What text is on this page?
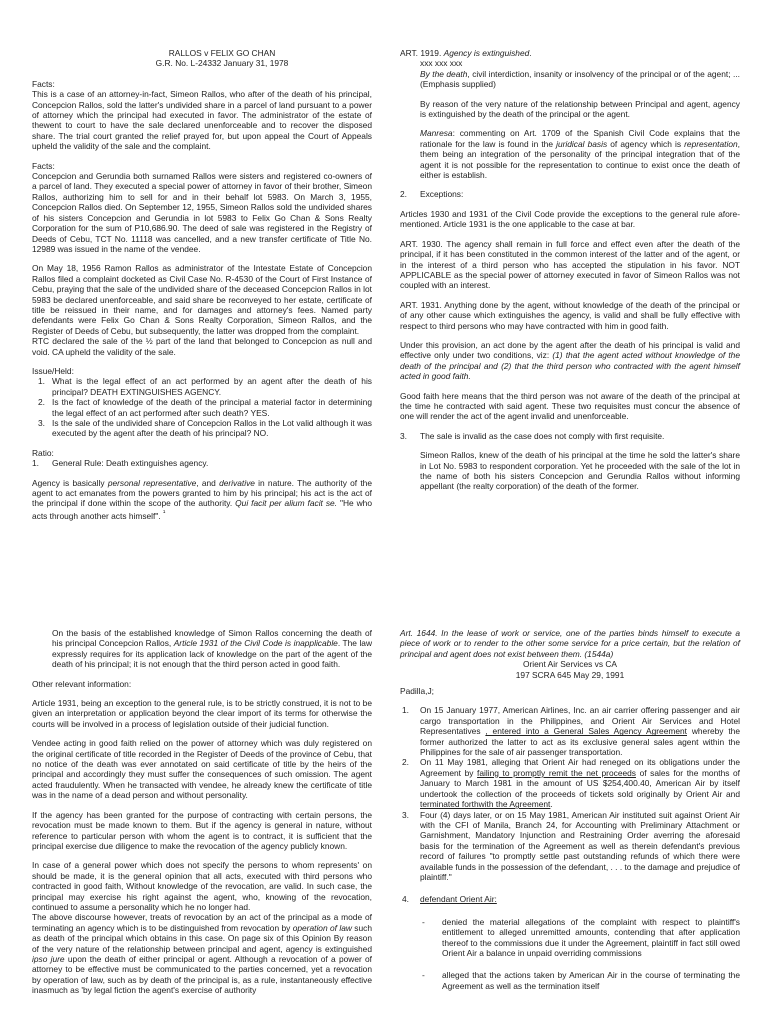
RALLOS v FELIX GO CHAN
G.R. No. L-24332 January 31, 1978
Facts:

This is a case of an attorney-in-fact, Simeon Rallos, who after of the death of his principal, Concepcion Rallos, sold the latter's undivided share in a parcel of land pursuant to a power of attorney which the principal had executed in favor. The administrator of the estate of thewent to court to have the sale declared unenforceable and to recover the disposed share. The trial court granted the relief prayed for, but upon appeal the Court of Appeals upheld the validity of the sale and the complaint.

Facts:

Concepcion and Gerundia both surnamed Rallos were sisters and registered co-owners of a parcel of land. They executed a special power of attorney in favor of their brother, Simeon Rallos, authorizing him to sell for and in their behalf lot 5983. On March 3, 1955, Concepcion Rallos died. On September 12, 1955, Simeon Rallos sold the undivided shares of his sisters Concepcion and Gerundia in lot 5983 to Felix Go Chan & Sons Realty Corporation for the sum of P10,686.90. The deed of sale was registered in the Registry of Deeds of Cebu, TCT No. 11118 was cancelled, and a new transfer certificate of Title No. 12989 was issued in the name of the vendee.

On May 18, 1956 Ramon Rallos as administrator of the Intestate Estate of Concepcion Rallos filed a complaint docketed as Civil Case No. R-4530 of the Court of First Instance of Cebu, praying that the sale of the undivided share of the deceased Concepcion Rallos in lot 5983 be declared unenforceable, and said share be reconveyed to her estate, certificate of title be reissued in their name, and for damages and attorney's fees. Named party defendants were Felix Go Chan & Sons Realty Corporation, Simeon Rallos, and the Register of Deeds of Cebu, but subsequently, the latter was dropped from the complaint.

RTC declared the sale of the ½ part of the land that belonged to Concepcion as null and void. CA upheld the validity of the sale.

Issue/Held:
1. What is the legal effect of an act performed by an agent after the death of his principal? DEATH EXTINGUISHES AGENCY.
2. Is the fact of knowledge of the death of the principal a material factor in determining the legal effect of an act performed after such death? YES.
3. Is the sale of the undivided share of Concepcion Rallos in the Lot valid although it was executed by the agent after the death of his principal? NO.
Ratio:
1.	General Rule: Death extinguishes agency.

Agency is basically personal representative, and derivative in nature. The authority of the agent to act emanates from the powers granted to him by his principal; his act is the act of the principal if done within the scope of the authority. Qui facit per alium facit se. "He who acts through another acts himself". $^{^1}$

ART. 1919. Agency is extinguished.
xxx xxx xxx

By the death, civil interdiction, insanity or insolvency of the principal or of the agent; ... (Emphasis supplied)

By reason of the very nature of the relationship between Principal and agent, agency is extinguished by the death of the principal or the agent.

Manresa: commenting on Art. 1709 of the Spanish Civil Code explains that the rationale for the law is found in the juridical basis of agency which is representation, them being an integration of the personality of the principal integration that of the agent it is not possible for the representation to continue to exist once the death of either is establish.

2.	Exceptions:

Articles 1930 and 1931 of the Civil Code provide the exceptions to the general rule afore-mentioned. Article 1931 is the one applicable to the case at bar.

ART. 1930. The agency shall remain in full force and effect even after the death of the principal, if it has been constituted in the common interest of the latter and of the agent, or in the interest of a third person who has accepted the stipulation in his favor. NOT APPLICABLE as the special power of attorney executed in favor of Simeon Rallos was not coupled with an interest.

ART. 1931. Anything done by the agent, without knowledge of the death of the principal or of any other cause which extinguishes the agency, is valid and shall be fully effective with respect to third persons who may have contracted with him in good faith.

Under this provision, an act done by the agent after the death of his principal is valid and effective only under two conditions, viz: (1) that the agent acted without knowledge of the death of the principal and (2) that the third person who contracted with the agent himself acted in good faith.

Good faith here means that the third person was not aware of the death of the principal at the time he contracted with said agent. These two requisites must concur the absence of one will render the act of the agent invalid and unenforceable.

3.	The sale is invalid as the case does not comply with first requisite.

Simeon Rallos, knew of the death of his principal at the time he sold the latter's share in Lot No. 5983 to respondent corporation. Yet he proceeded with the sale of the lot in the name of both his sisters Concepcion and Gerundia Rallos without informing appellant (the realty corporation) of the death of the former.

On the basis of the established knowledge of Simon Rallos concerning the death of his principal Concepcion Rallos, Article 1931 of the Civil Code is inapplicable. The law expressly requires for its application lack of knowledge on the part of the agent of the death of his principal; it is not enough that the third person acted in good faith.

Other relevant information:

Article 1931, being an exception to the general rule, is to be strictly construed, it is not to be given an interpretation or application beyond the clear import of its terms for otherwise the courts will be involved in a process of legislation outside of their judicial function.

Vendee acting in good faith relied on the power of attorney which was duly registered on the original certificate of title recorded in the Register of Deeds of the province of Cebu, that no notice of the death was ever annotated on said certificate of title by the heirs of the principal and accordingly they must suffer the consequences of such omission. The agent acted fraudulently. When he transacted with vendee, he already knew the certificate of title was in the name of a dead person and without personality.

If the agency has been granted for the purpose of contracting with certain persons, the revocation must be made known to them. But if the agency is general in nature, without reference to particular person with whom the agent is to contract, it is sufficient that the principal exercise due diligence to make the revocation of the agency publicly known.

In case of a general power which does not specify the persons to whom represents' on should be made, it is the general opinion that all acts, executed with third persons who contracted in good faith, Without knowledge of the revocation, are valid. In such case, the principal may exercise his right against the agent, who, knowing of the revocation, continued to assume a personality which he no longer had.

The above discourse however, treats of revocation by an act of the principal as a mode of terminating an agency which is to be distinguished from revocation by operation of law such as death of the principal which obtains in this case. On page six of this Opinion By reason of the very nature of the relationship between principal and agent, agency is extinguished ipso jure upon the death of either principal or agent. Although a revocation of a power of attorney to be effective must be communicated to the parties concerned, yet a revocation by operation of law, such as by death of the principal is, as a rule, instantaneously effective inasmuch as 'by legal fiction the agent's exercise of authority

Art. 1644. In the lease of work or service, one of the parties binds himself to execute a piece of work or to render to the other some service for a price certain, but the relation of principal and agent does not exist between them. (1544a)

Orient Air Services vs CA
197 SCRA 645 May 29, 1991

Padilla,J;

1.	On 15 January 1977, American Airlines, Inc. an air carrier offering passenger and air cargo transportation in the Philippines, and Orient Air Services and Hotel Representatives , entered into a General Sales Agency Agreement whereby the former authorized the latter to act as its exclusive general sales agent within the Philippines for the sale of air passenger transportation.
2.	On 11 May 1981, alleging that Orient Air had reneged on its obligations under the Agreement by failing to promptly remit the net proceeds of sales for the months of January to March 1981 in the amount of US $254,400.40, American Air by itself undertook the collection of the proceeds of tickets sold originally by Orient Air and terminated forthwith the Agreement.
3.	Four (4) days later, or on 15 May 1981, American Air instituted suit against Orient Air with the CFI of Manila, Branch 24, for Accounting with Preliminary Attachment or Garnishment, Mandatory Injunction and Restraining Order averring the aforesaid basis for the termination of the Agreement as well as therein defendant's previous record of failures "to promptly settle past outstanding refunds of which there were available funds in the possession of the defendant, . . . to the damage and prejudice of plaintiff."
4.	defendant Orient Air:
-	denied the material allegations of the complaint with respect to plaintiff's entitlement to alleged unremitted amounts, contending that after application thereof to the commissions due it under the Agreement, plaintiff in fact still owed Orient Air a balance in unpaid overriding commissions
-	alleged that the actions taken by American Air in the course of terminating the Agreement as well as the termination itself
